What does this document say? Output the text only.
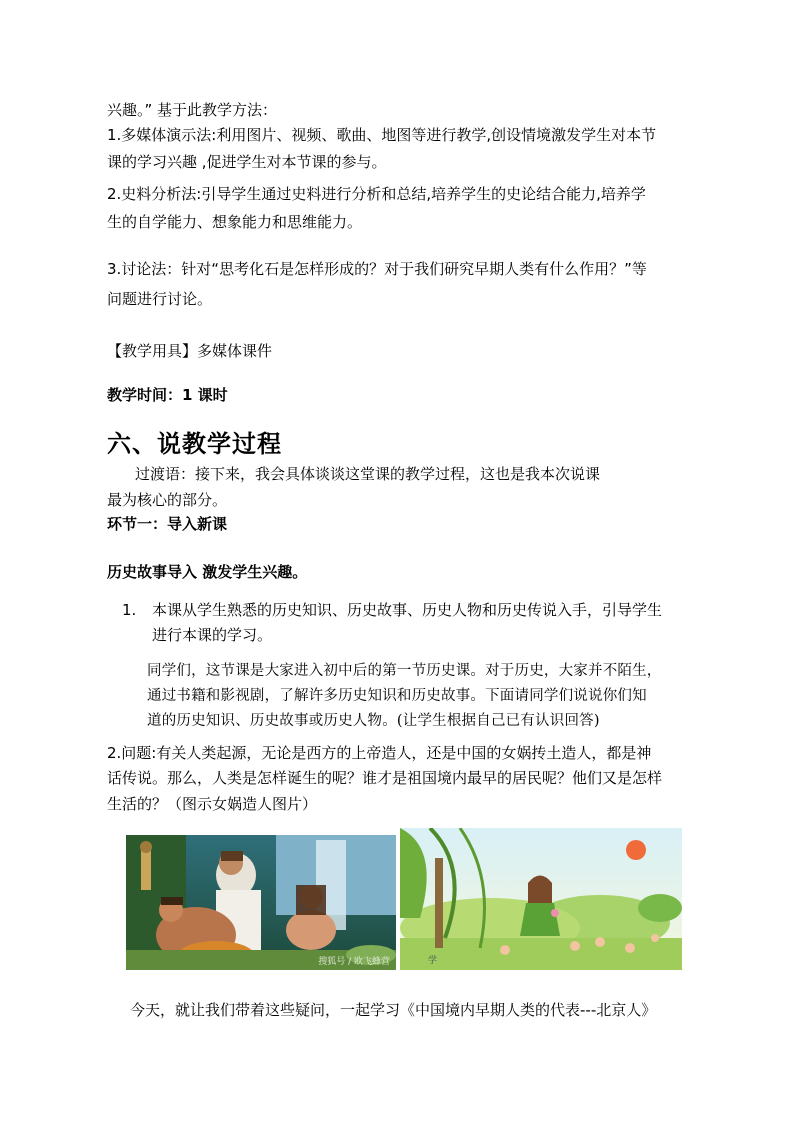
兴趣。” 基于此教学方法：
1.多媒体演示法:利用图片、视频、歌曲、地图等进行教学,创设情境激发学生对本节
课的学习兴趣 ,促进学生对本节课的参与。
2.史料分析法:引导学生通过史料进行分析和总结,培养学生的史论结合能力,培养学
生的自学能力、想象能力和思维能力。
3.讨论法：针对“思考化石是怎样形成的？对于我们研究早期人类有什么作用？”等
问题进行讨论。
【教学用具】多媒体课件
教学时间：1 课时
六、说教学过程
过渡语：接下来，我会具体谈谈这堂课的教学过程，这也是我本次说课
最为核心的部分。
环节一：导入新课
历史故事导入 激发学生兴趣。
1. 本课从学生熟悉的历史知识、历史故事、历史人物和历史传说入手，引导学生
进行本课的学习。
同学们，这节课是大家进入初中后的第一节历史课。对于历史，大家并不陌生，
通过书籍和影视剧，了解许多历史知识和历史故事。下面请同学们说说你们知
道的历史知识、历史故事或历史人物。(让学生根据自己已有认识回答)
2.问题:有关人类起源，无论是西方的上帝造人，还是中国的女娲抟土造人，都是神
话传说。那么，人类是怎样诞生的呢？谁才是祖国境内最早的居民呢？他们又是怎样
生活的？（图示女娲造人图片）
搜狐号 / 欧飞蜂营	学
今天，就让我们带着这些疑问，一起学习《中国境内早期人类的代表---北京人》
